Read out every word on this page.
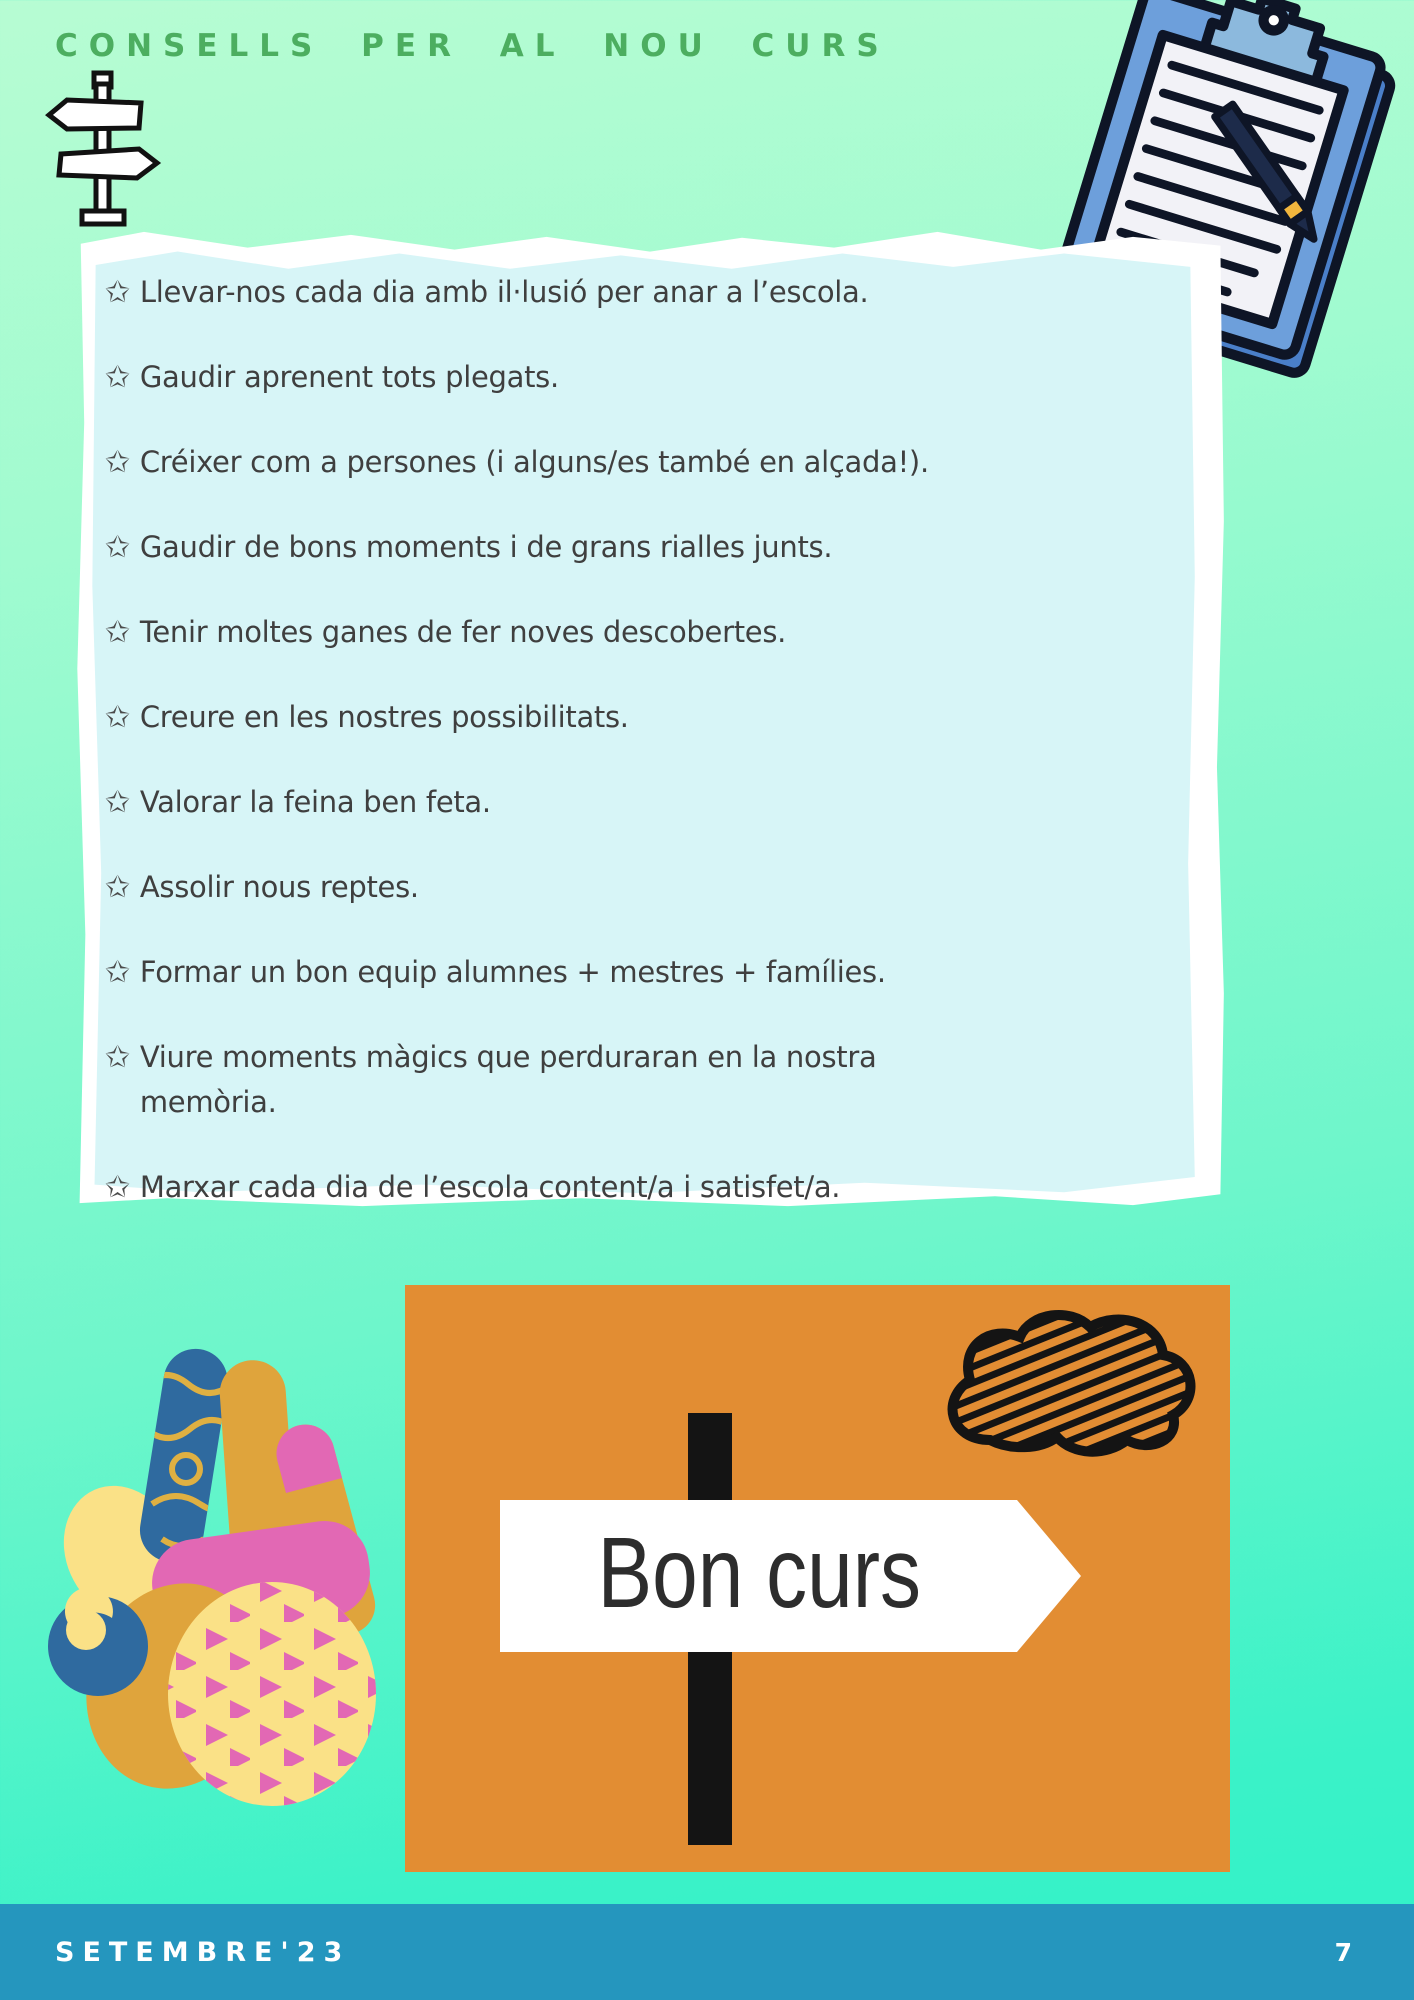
CONSELLS PER AL NOU CURS
✩ Llevar-nos cada dia amb il·lusió per anar a l’escola.
✩ Gaudir aprenent tots plegats.
✩ Créixer com a persones (i alguns/es també en alçada!).
✩ Gaudir de bons moments i de grans rialles junts.
✩ Tenir moltes ganes de fer noves descobertes.
✩ Creure en les nostres possibilitats.
✩ Valorar la feina ben feta.
✩ Assolir nous reptes.
✩ Formar un bon equip alumnes + mestres + famílies.
✩ Viure moments màgics que perduraran en la nostra memòria.
✩ Marxar cada dia de l’escola content/a i satisfet/a.
Bon curs
SETEMBRE'23	7
